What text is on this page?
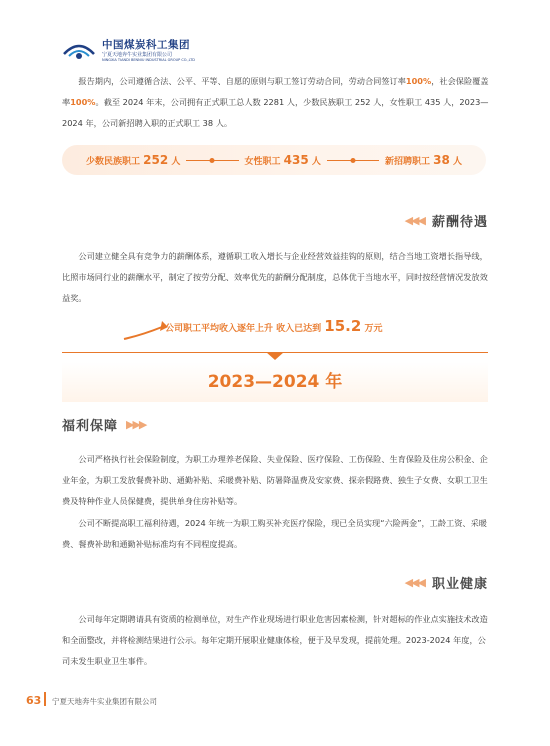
中国煤炭科工集团
宁夏天地奔牛实业集团有限公司
NINGXIA TIANDI BENNIU INDUSTRIAL GROUP CO.,LTD

报告期内，公司遵循合法、公平、平等、自愿的原则与职工签订劳动合同，劳动合同签订率100%，社会保险覆盖率100%。截至 2024 年末，公司拥有正式职工总人数 2281 人，少数民族职工 252 人，女性职工 435 人，2023—2024 年，公司新招聘入职的正式职工 38 人。

少数民族职工 252 人	女性职工 435 人	新招聘职工 38 人
◀◀◀ 薪酬待遇

公司建立健全具有竞争力的薪酬体系，遵循职工收入增长与企业经营效益挂钩的原则，结合当地工资增长指导线，比照市场同行业的薪酬水平，制定了按劳分配、效率优先的薪酬分配制度，总体优于当地水平，同时按经营情况发放效益奖。

公司职工平均收入逐年上升 收入已达到 15.2 万元
2023—2024 年
福利保障 ▶▶▶

公司严格执行社会保险制度，为职工办理养老保险、失业保险、医疗保险、工伤保险、生育保险及住房公积金、企业年金，为职工发放餐费补助、通勤补贴、采暖费补贴、防暑降温费及安家费、探亲假路费、独生子女费、女职工卫生费及特种作业人员保健费，提供单身住房补贴等。

公司不断提高职工福利待遇，2024 年统一为职工购买补充医疗保险，现已全员实现“六险两金”，工龄工资、采暖费、餐费补助和通勤补贴标准均有不同程度提高。

◀◀◀ 职业健康

公司每年定期聘请具有资质的检测单位，对生产作业现场进行职业危害因素检测，针对超标的作业点实施技术改造和全面整改，并将检测结果进行公示。每年定期开展职业健康体检，便于及早发现，提前处理。2023-2024 年度，公司未发生职业卫生事件。

63 宁夏天地奔牛实业集团有限公司
